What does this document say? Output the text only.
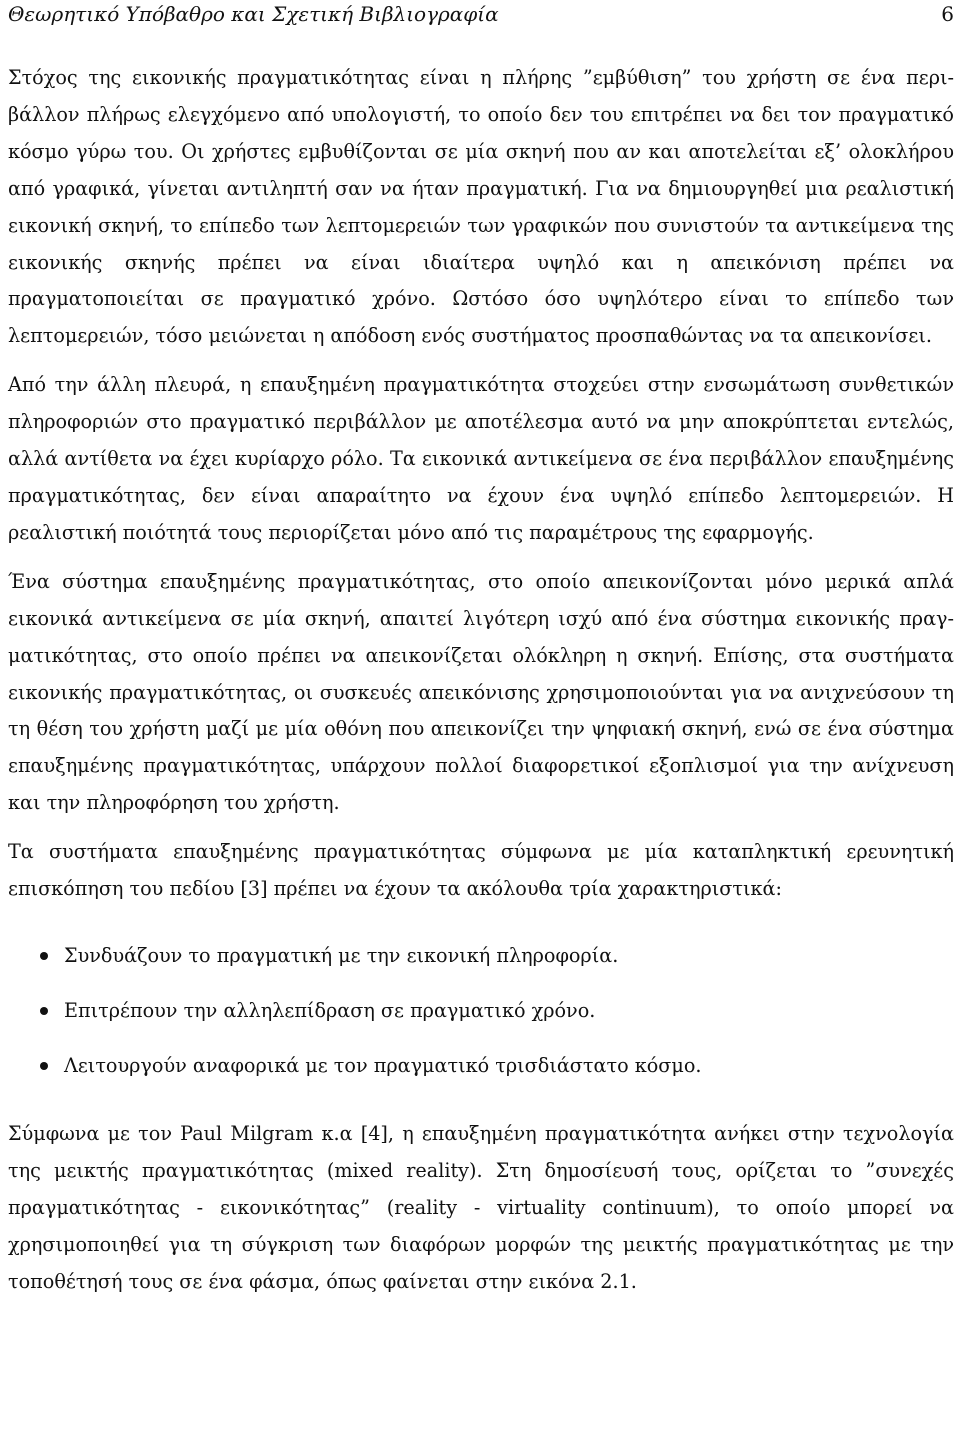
Θεωρητικό Υπόβαθρο και Σχετική Βιβλιογραφία	6

Στόχος της εικονικής πραγματικότητας είναι η πλήρης ”εμβύθιση” του χρήστη σε ένα περιβάλλον πλήρως ελεγχόμενο από υπολογιστή, το οποίο δεν του επιτρέπει να δει τον πραγματικό κόσμο γύρω του. Οι χρήστες εμβυθίζονται σε μία σκηνή που αν και αποτελείται εξ’ ολοκλήρου από γραφικά, γίνεται αντιληπτή σαν να ήταν πραγματική. Για να δημιουργηθεί μια ρεαλιστική εικονική σκηνή, το επίπεδο των λεπτομερειών των γραφικών που συνιστούν τα αντικείμενα της εικονικής σκηνής πρέπει να είναι ιδιαίτερα υψηλό και η απεικόνιση πρέπει να πραγματοποιείται σε πραγματικό χρόνο. Ωστόσο όσο υψηλότερο είναι το επίπεδο των λεπτομερειών, τόσο μειώνεται η απόδοση ενός συστήματος προσπαθώντας να τα απεικονίσει.

Από την άλλη πλευρά, η επαυξημένη πραγματικότητα στοχεύει στην ενσωμάτωση συνθετικών πληροφοριών στο πραγματικό περιβάλλον με αποτέλεσμα αυτό να μην αποκρύπτεται εντελώς, αλλά αντίθετα να έχει κυρίαρχο ρόλο. Τα εικονικά αντικείμενα σε ένα περιβάλλον επαυξημένης πραγματικότητας, δεν είναι απαραίτητο να έχουν ένα υψηλό επίπεδο λεπτομερειών. Η ρεαλιστική ποιότητά τους περιορίζεται μόνο από τις παραμέτρους της εφαρμογής.

Ένα σύστημα επαυξημένης πραγματικότητας, στο οποίο απεικονίζονται μόνο μερικά απλά εικονικά αντικείμενα σε μία σκηνή, απαιτεί λιγότερη ισχύ από ένα σύστημα εικονικής πραγματικότητας, στο οποίο πρέπει να απεικονίζεται ολόκληρη η σκηνή. Επίσης, στα συστήματα εικονικής πραγματικότητας, οι συσκευές απεικόνισης χρησιμοποιούνται για να ανιχνεύσουν τη τη θέση του χρήστη μαζί με μία οθόνη που απεικονίζει την ψηφιακή σκηνή, ενώ σε ένα σύστημα επαυξημένης πραγματικότητας, υπάρχουν πολλοί διαφορετικοί εξοπλισμοί για την ανίχνευση και την πληροφόρηση του χρήστη.

Τα συστήματα επαυξημένης πραγματικότητας σύμφωνα με μία καταπληκτική ερευνητική επισκόπηση του πεδίου [3] πρέπει να έχουν τα ακόλουθα τρία χαρακτηριστικά:

Συνδυάζουν το πραγματική με την εικονική πληροφορία.
Επιτρέπουν την αλληλεπίδραση σε πραγματικό χρόνο.
Λειτουργούν αναφορικά με τον πραγματικό τρισδιάστατο κόσμο.

Σύμφωνα με τον Paul Milgram κ.α [4], η επαυξημένη πραγματικότητα ανήκει στην τεχνολογία της μεικτής πραγματικότητας (mixed reality). Στη δημοσίευσή τους, ορίζεται το ”συνεχές πραγματικότητας - εικονικότητας” (reality - virtuality continuum), το οποίο μπορεί να χρησιμοποιηθεί για τη σύγκριση των διαφόρων μορφών της μεικτής πραγματικότητας με την τοποθέτησή τους σε ένα φάσμα, όπως φαίνεται στην εικόνα 2.1.
